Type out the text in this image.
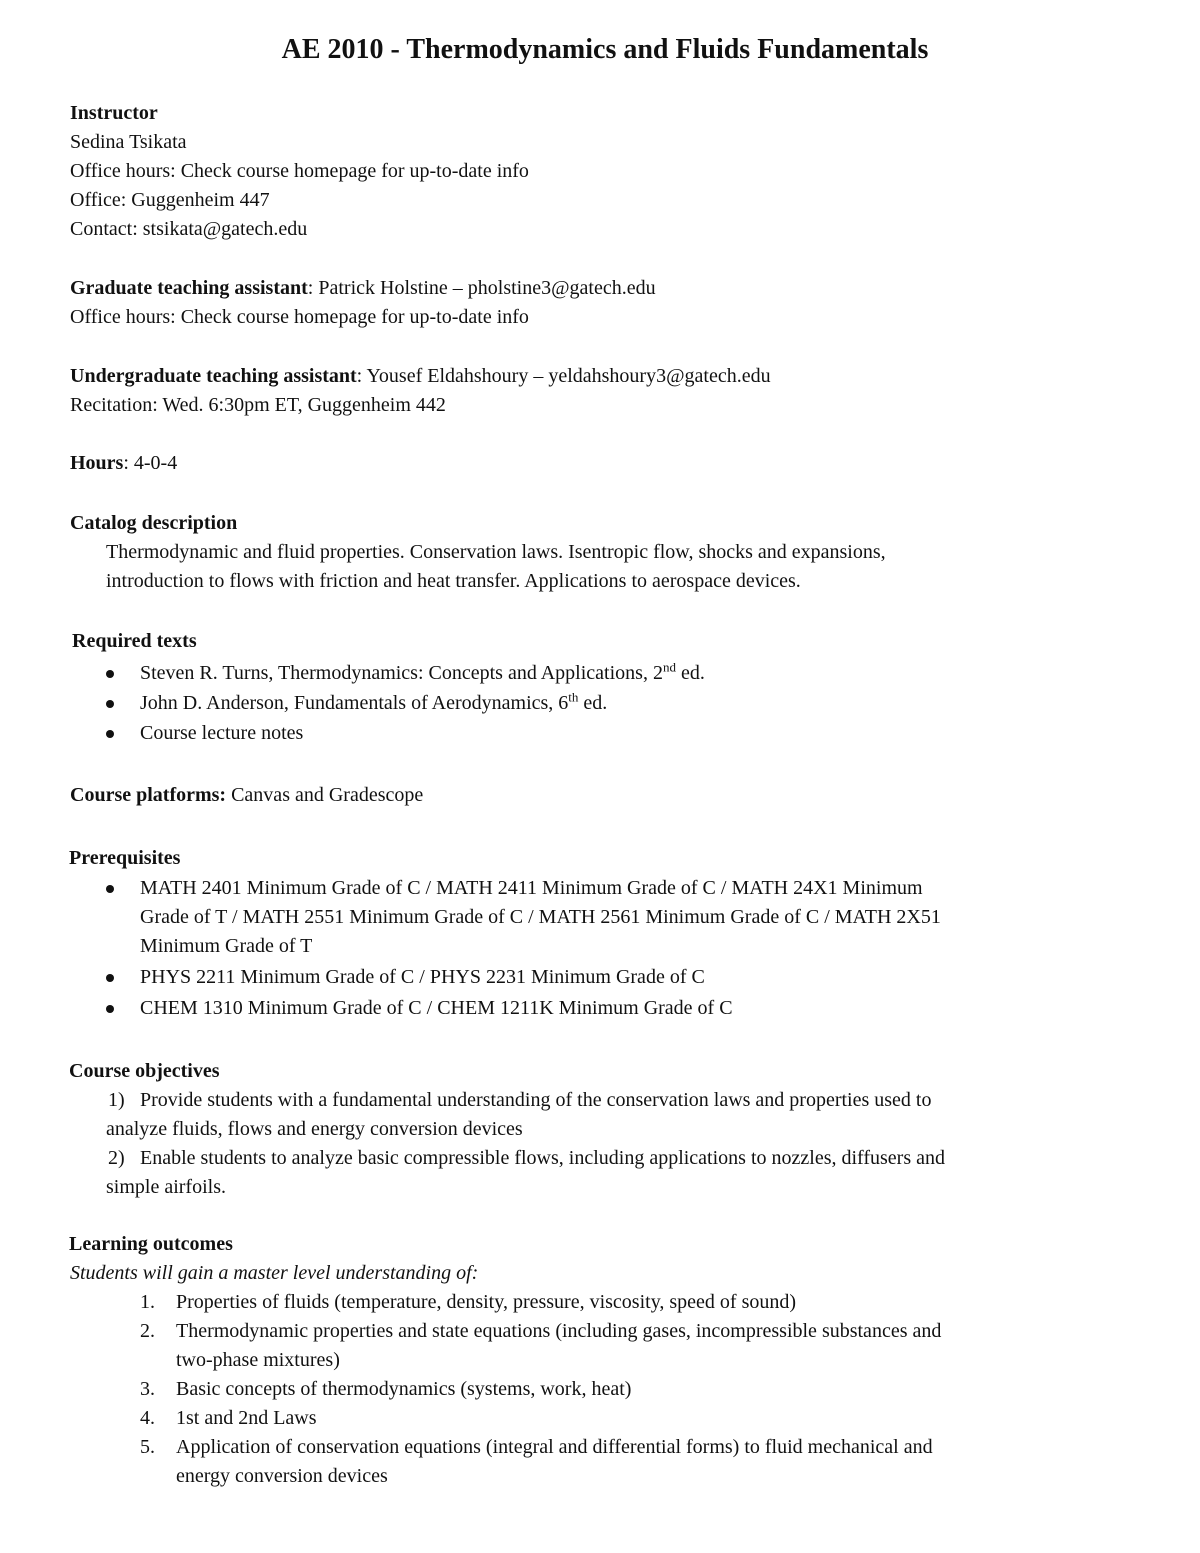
AE 2010 - Thermodynamics and Fluids Fundamentals
Instructor
Sedina Tsikata
Office hours: Check course homepage for up-to-date info
Office: Guggenheim 447
Contact: stsikata@gatech.edu
Graduate teaching assistant: Patrick Holstine – pholstine3@gatech.edu
Office hours: Check course homepage for up-to-date info
Undergraduate teaching assistant: Yousef Eldahshoury – yeldahshoury3@gatech.edu
Recitation: Wed. 6:30pm ET, Guggenheim 442
Hours: 4-0-4
Catalog description
Thermodynamic and fluid properties. Conservation laws. Isentropic flow, shocks and expansions,
introduction to flows with friction and heat transfer. Applications to aerospace devices.
Required texts
Steven R. Turns, Thermodynamics: Concepts and Applications, 2nd ed.
John D. Anderson, Fundamentals of Aerodynamics, 6th ed.
Course lecture notes
Course platforms: Canvas and Gradescope
Prerequisites
MATH 2401 Minimum Grade of C / MATH 2411 Minimum Grade of C / MATH 24X1 Minimum
Grade of T / MATH 2551 Minimum Grade of C / MATH 2561 Minimum Grade of C / MATH 2X51
Minimum Grade of T
PHYS 2211 Minimum Grade of C / PHYS 2231 Minimum Grade of C
CHEM 1310 Minimum Grade of C / CHEM 1211K Minimum Grade of C
Course objectives
1) Provide students with a fundamental understanding of the conservation laws and properties used to
analyze fluids, flows and energy conversion devices
2) Enable students to analyze basic compressible flows, including applications to nozzles, diffusers and
simple airfoils.
Learning outcomes
Students will gain a master level understanding of:
1. Properties of fluids (temperature, density, pressure, viscosity, speed of sound)
2. Thermodynamic properties and state equations (including gases, incompressible substances and
two-phase mixtures)
3. Basic concepts of thermodynamics (systems, work, heat)
4. 1st and 2nd Laws
5. Application of conservation equations (integral and differential forms) to fluid mechanical and
energy conversion devices
